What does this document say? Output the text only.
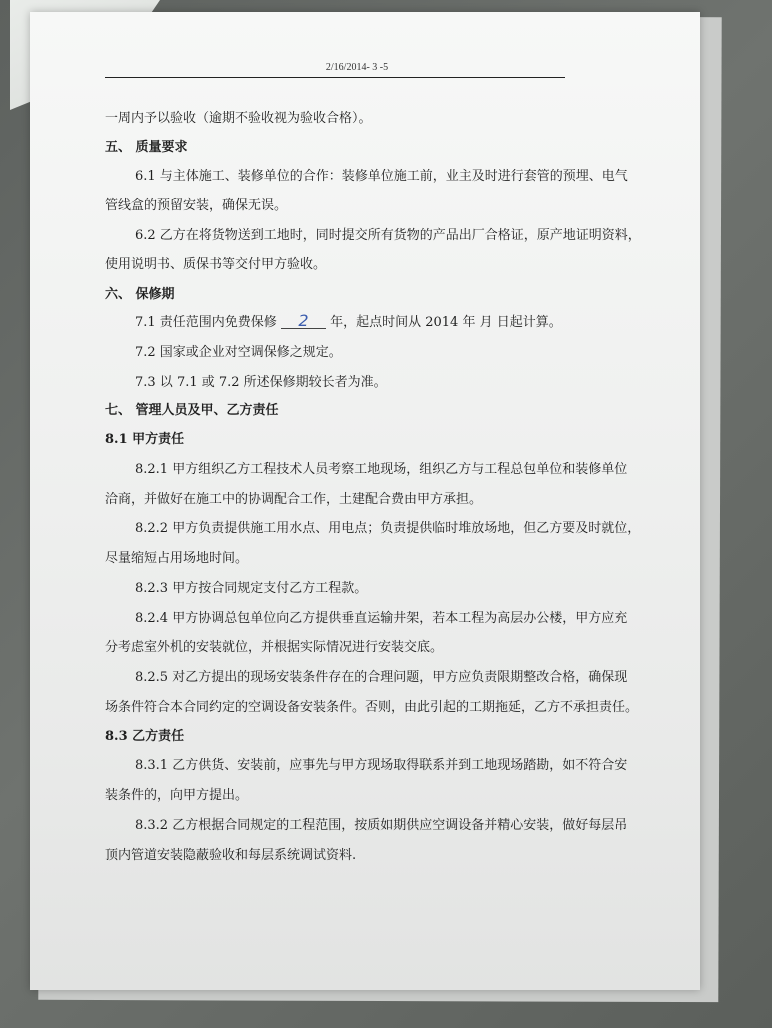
2/16/2014- 3 -5
一周内予以验收（逾期不验收视为验收合格）。
五、 质量要求
6.1 与主体施工、装修单位的合作：装修单位施工前，业主及时进行套管的预埋、电气
管线盒的预留安装，确保无误。
6.2 乙方在将货物送到工地时，同时提交所有货物的产品出厂合格证，原产地证明资料，
使用说明书、质保书等交付甲方验收。
六、 保修期
7.1 责任范围内免费保修 2 年，起点时间从 2014 年 月 日起计算。
7.2 国家或企业对空调保修之规定。
7.3 以 7.1 或 7.2 所述保修期较长者为准。
七、 管理人员及甲、乙方责任
8.1 甲方责任
8.2.1 甲方组织乙方工程技术人员考察工地现场，组织乙方与工程总包单位和装修单位
洽商，并做好在施工中的协调配合工作，土建配合费由甲方承担。
8.2.2 甲方负责提供施工用水点、用电点；负责提供临时堆放场地，但乙方要及时就位，
尽量缩短占用场地时间。
8.2.3 甲方按合同规定支付乙方工程款。
8.2.4 甲方协调总包单位向乙方提供垂直运输井架，若本工程为高层办公楼，甲方应充
分考虑室外机的安装就位，并根据实际情况进行安装交底。
8.2.5 对乙方提出的现场安装条件存在的合理问题，甲方应负责限期整改合格，确保现
场条件符合本合同约定的空调设备安装条件。否则，由此引起的工期拖延，乙方不承担责任。
8.3 乙方责任
8.3.1 乙方供货、安装前，应事先与甲方现场取得联系并到工地现场踏勘，如不符合安
装条件的，向甲方提出。
8.3.2 乙方根据合同规定的工程范围，按质如期供应空调设备并精心安装，做好每层吊
顶内管道安装隐蔽验收和每层系统调试资料.
